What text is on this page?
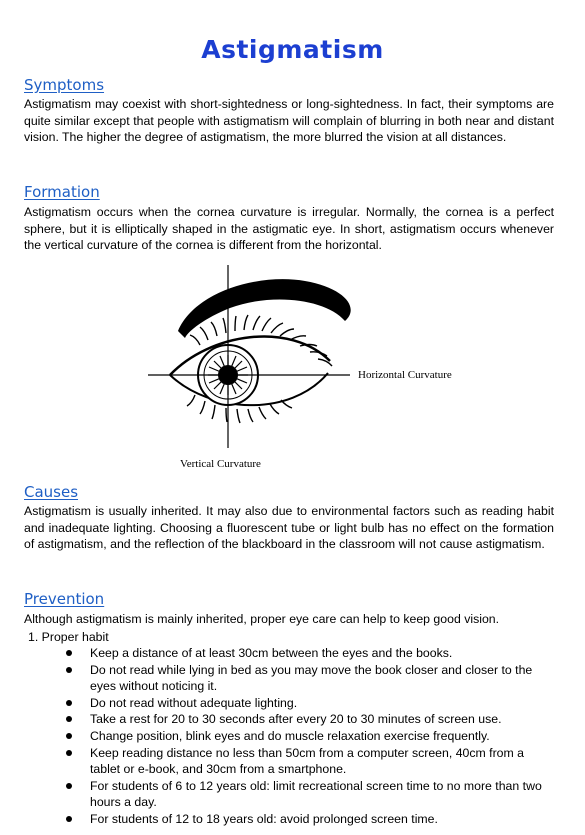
Astigmatism
Symptoms
Astigmatism may coexist with short-sightedness or long-sightedness. In fact, their symptoms are quite similar except that people with astigmatism will complain of blurring in both near and distant vision. The higher the degree of astigmatism, the more blurred the vision at all distances.
Formation
Astigmatism occurs when the cornea curvature is irregular. Normally, the cornea is a perfect sphere, but it is elliptically shaped in the astigmatic eye. In short, astigmatism occurs whenever the vertical curvature of the cornea is different from the horizontal.
Horizontal Curvature
Vertical Curvature
Causes
Astigmatism is usually inherited. It may also due to environmental factors such as reading habit and inadequate lighting. Choosing a fluorescent tube or light bulb has no effect on the formation of astigmatism, and the reflection of the blackboard in the classroom will not cause astigmatism.
Prevention
Although astigmatism is mainly inherited, proper eye care can help to keep good vision.
1. Proper habit
Keep a distance of at least 30cm between the eyes and the books.
Do not read while lying in bed as you may move the book closer and closer to the eyes without noticing it.
Do not read without adequate lighting.
Take a rest for 20 to 30 seconds after every 20 to 30 minutes of screen use.
Change position, blink eyes and do muscle relaxation exercise frequently.
Keep reading distance no less than 50cm from a computer screen, 40cm from a tablet or e-book, and 30cm from a smartphone.
For students of 6 to 12 years old: limit recreational screen time to no more than two hours a day.
For students of 12 to 18 years old: avoid prolonged screen time.
